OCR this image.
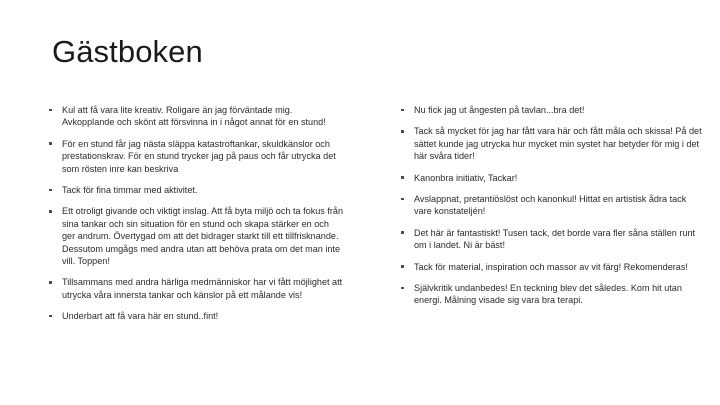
Gästboken
Kul att få vara lite kreativ. Roligare än jag förväntade mig. Avkopplande och skönt att försvinna in i något annat för en stund!
För en stund får jag nästa släppa katastroftankar, skuldkänslor och prestationskrav. För en stund trycker jag på paus och får utrycka det som rösten inre kan beskriva
Tack för fina timmar med aktivitet.
Ett otroligt givande och viktigt inslag. Att få byta miljö och ta fokus från sina tankar och sin situation för en stund och skapa stärker en och ger andrum. Övertygad om att det bidrager starkt till ett tillfrisknande. Dessutom umgågs med andra utan att behöva prata om det man inte vill. Toppen!
Tillsammans med andra härliga medmänniskor har vi fått möjlighet att utrycka våra innersta tankar och känslor på ett målande vis!
Underbart att få vara här en stund..fint!
Nu fick jag ut ångesten på tavlan...bra det!
Tack så mycket för jag har fått vara här och fått måla och skissa! På det sättet kunde jag utrycka hur mycket min systet har betyder för mig i det här svåra tider!
Kanonbra initiativ, Tackar!
Avslappnat, pretantiöslöst och kanonkul! Hittat en artistisk ådra tack vare konstateljén!
Det här är fantastiskt! Tusen tack, det borde vara fler såna ställen runt om i landet. Ni är bäst!
Tack för material, inspiration och massor av vit färg! Rekomenderas!
Självkritik undanbedes! En teckning blev det således. Kom hit utan energi. Målning visade sig vara bra terapi.
